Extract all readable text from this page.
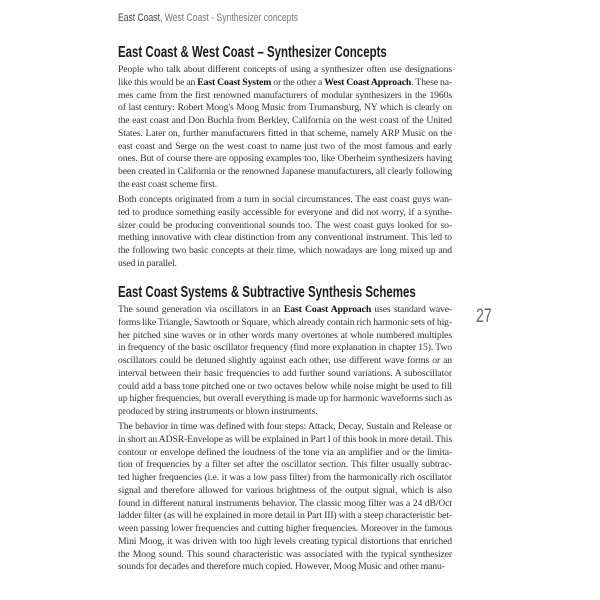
East Coast, West Coast - Synthesizer concepts
East Coast & West Coast – Synthesizer Concepts
People who talk about different concepts of using a synthesizer often use designations
like this would be an East Coast System or the other a West Coast Approach. These na-
mes came from the first renowned manufacturers of modular synthesizers in the 1960s
of last century: Robert Moog's Moog Music from Trumansburg, NY which is clearly on
the east coast and Don Buchla from Berkley, California on the west coast of the United
States. Later on, further manufacturers fitted in that scheme, namely ARP Music on the
east coast and Serge on the west coast to name just two of the most famous and early
ones. But of course there are opposing examples too, like Oberheim synthesizers having
been created in California or the renowned Japanese manufacturers, all clearly following
the east coast scheme first.
Both concepts originated from a turn in social circumstances. The east coast guys wan-
ted to produce something easily accessible for everyone and did not worry, if a synthe-
sizer could be producing conventional sounds too. The west coast guys looked for so-
mething innovative with clear distinction from any conventional instrument. This led to
the following two basic concepts at their time, which nowadays are long mixed up and
used in parallel.
East Coast Systems & Subtractive Synthesis Schemes
The sound generation via oscillators in an East Coast Approach uses standard wave-
forms like Triangle, Sawtooth or Square, which already contain rich harmonic sets of hig-
her pitched sine waves or in other words many overtones at whole numbered multiples
in frequency of the basic oscillator frequency (find more explanation in chapter 15). Two
oscillators could be detuned slightly against each other, use different wave forms or an
interval between their basic frequencies to add further sound variations. A suboscillator
could add a bass tone pitched one or two octaves below while noise might be used to fill
up higher frequencies, but overall everything is made up for harmonic waveforms such as
produced by string instruments or blown instruments.
The behavior in time was defined with four steps: Attack, Decay, Sustain and Release or
in short an ADSR-Envelope as will be explained in Part I of this book in more detail. This
contour or envelope defined the loudness of the tone via an amplifier and or the limita-
tion of frequencies by a filter set after the oscillator section. This filter usually subtrac-
ted higher frequencies (i.e. it was a low pass filter) from the harmonically rich oscillator
signal and therefore allowed for various brightness of the output signal, which is also
found in different natural instruments behavior. The classic moog filter was a 24 dB/Oct
ladder filter (as will be explained in more detail in Part III) with a steep characteristic bet-
ween passing lower frequencies and cutting higher frequencies. Moreover in the famous
Mini Moog, it was driven with too high levels creating typical distortions that enriched
the Moog sound. This sound characteristic was associated with the typical synthesizer
sounds for decades and therefore much copied. However, Moog Music and other manu-
27
